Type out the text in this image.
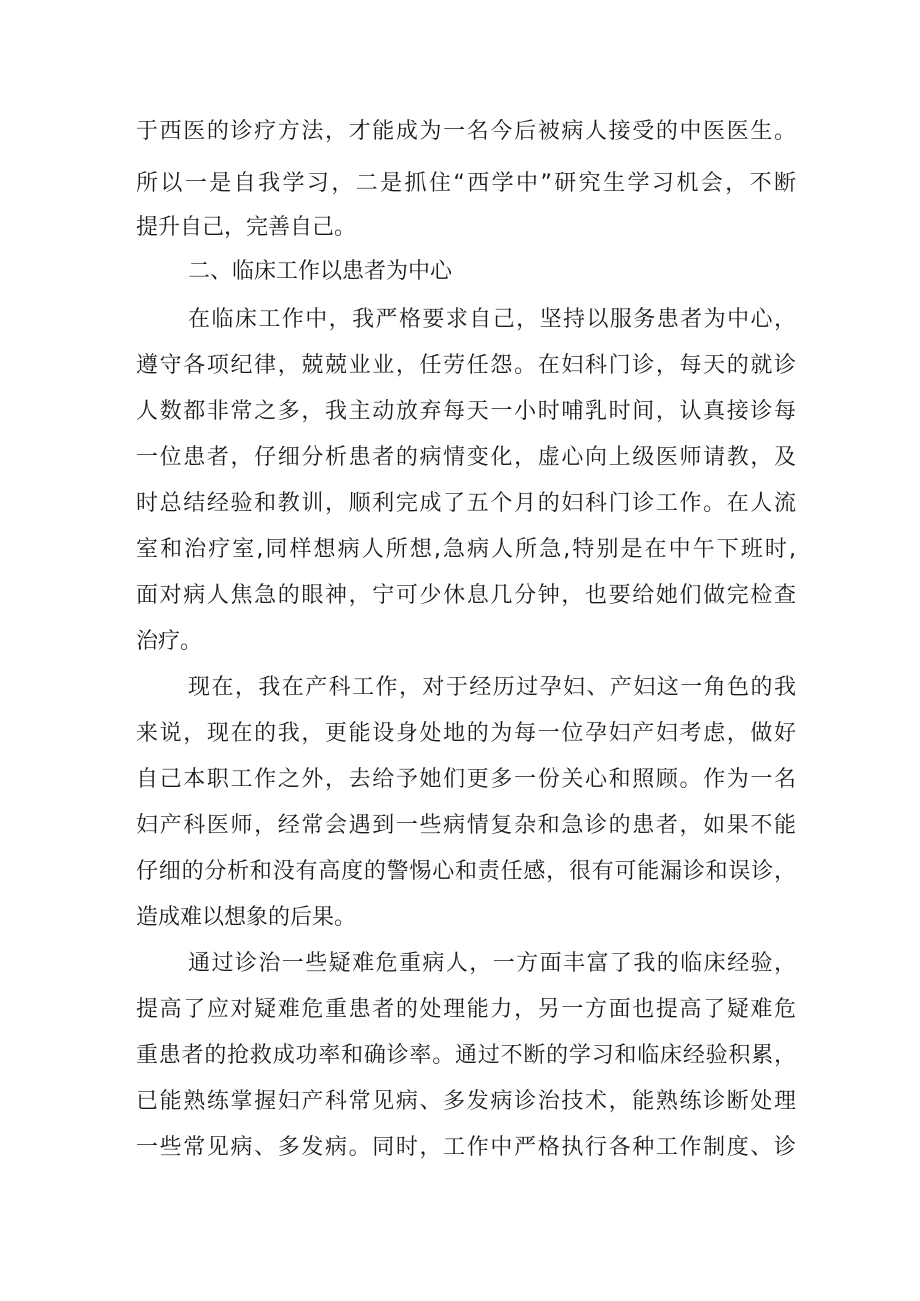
于西医的诊疗方法，才能成为一名今后被病人接受的中医医生。
所以一是自我学习，二是抓住“西学中”研究生学习机会，不断
提升自己，完善自己。
二、临床工作以患者为中心
在临床工作中，我严格要求自己，坚持以服务患者为中心，
遵守各项纪律，兢兢业业，任劳任怨。在妇科门诊，每天的就诊
人数都非常之多，我主动放弃每天一小时哺乳时间，认真接诊每
一位患者，仔细分析患者的病情变化，虚心向上级医师请教，及
时总结经验和教训，顺利完成了五个月的妇科门诊工作。在人流
室和治疗室,同样想病人所想,急病人所急,特别是在中午下班时,
面对病人焦急的眼神，宁可少休息几分钟，也要给她们做完检查
治疗。
现在，我在产科工作，对于经历过孕妇、产妇这一角色的我
来说，现在的我，更能设身处地的为每一位孕妇产妇考虑，做好
自己本职工作之外，去给予她们更多一份关心和照顾。作为一名
妇产科医师，经常会遇到一些病情复杂和急诊的患者，如果不能
仔细的分析和没有高度的警惕心和责任感，很有可能漏诊和误诊，
造成难以想象的后果。
通过诊治一些疑难危重病人，一方面丰富了我的临床经验，
提高了应对疑难危重患者的处理能力，另一方面也提高了疑难危
重患者的抢救成功率和确诊率。通过不断的学习和临床经验积累，
已能熟练掌握妇产科常见病、多发病诊治技术，能熟练诊断处理
一些常见病、多发病。同时，工作中严格执行各种工作制度、诊
